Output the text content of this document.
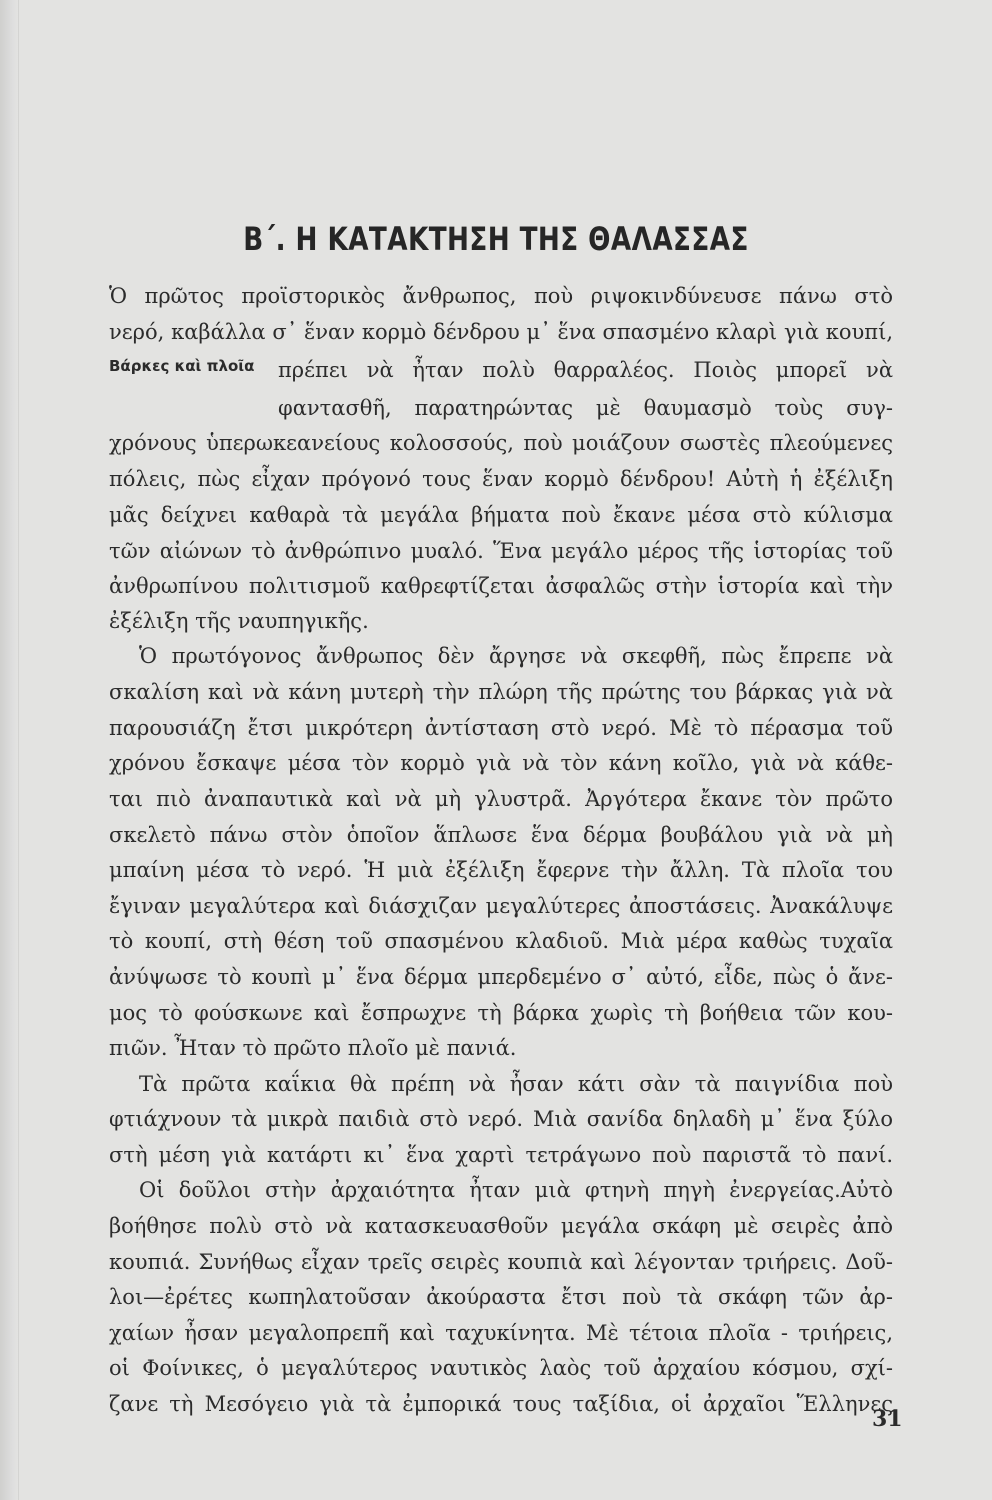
Β΄. Η ΚΑΤΑΚΤΗΣΗ ΤΗΣ ΘΑΛΑΣΣΑΣ
Βάρκες καὶ πλοῖα
Ὁ πρῶτος προϊστορικὸς ἄνθρωπος, ποὺ ριψοκινδύνευσε πάνω στὸ
νερό, καβάλλα σ᾽ ἕναν κορμὸ δένδρου μ᾽ ἕνα σπασμένο κλαρὶ γιὰ κουπί,
πρέπει νὰ ἦταν πολὺ θαρραλέος. Ποιὸς μπορεῖ νὰ
φαντασθῆ, παρατηρώντας μὲ θαυμασμὸ τοὺς συγ-
χρόνους ὑπερωκεανείους κολοσσούς, ποὺ μοιάζουν σωστὲς πλεούμενες
πόλεις, πὼς εἶχαν πρόγονό τους ἕναν κορμὸ δένδρου! Αὐτὴ ἡ ἐξέλιξη
μᾶς δείχνει καθαρὰ τὰ μεγάλα βήματα ποὺ ἔκανε μέσα στὸ κύλισμα
τῶν αἰώνων τὸ ἀνθρώπινο μυαλό. Ἕνα μεγάλο μέρος τῆς ἱστορίας τοῦ
ἀνθρωπίνου πολιτισμοῦ καθρεφτίζεται ἀσφαλῶς στὴν ἱστορία καὶ τὴν
ἐξέλιξη τῆς ναυπηγικῆς.
Ὁ πρωτόγονος ἄνθρωπος δὲν ἄργησε νὰ σκεφθῆ, πὼς ἔπρεπε νὰ
σκαλίση καὶ νὰ κάνη μυτερὴ τὴν πλώρη τῆς πρώτης του βάρκας γιὰ νὰ
παρουσιάζη ἔτσι μικρότερη ἀντίσταση στὸ νερό. Μὲ τὸ πέρασμα τοῦ
χρόνου ἔσκαψε μέσα τὸν κορμὸ γιὰ νὰ τὸν κάνη κοῖλο, γιὰ νὰ κάθε-
ται πιὸ ἀναπαυτικὰ καὶ νὰ μὴ γλυστρᾶ. Ἀργότερα ἔκανε τὸν πρῶτο
σκελετὸ πάνω στὸν ὁποῖον ἅπλωσε ἕνα δέρμα βουβάλου γιὰ νὰ μὴ
μπαίνη μέσα τὸ νερό. Ἡ μιὰ ἐξέλιξη ἔφερνε τὴν ἄλλη. Τὰ πλοῖα του
ἔγιναν μεγαλύτερα καὶ διάσχιζαν μεγαλύτερες ἀποστάσεις. Ἀνακάλυψε
τὸ κουπί, στὴ θέση τοῦ σπασμένου κλαδιοῦ. Μιὰ μέρα καθὼς τυχαῖα
ἀνύψωσε τὸ κουπὶ μ᾽ ἕνα δέρμα μπερδεμένο σ᾽ αὐτό, εἶδε, πὼς ὁ ἄνε-
μος τὸ φούσκωνε καὶ ἔσπρωχνε τὴ βάρκα χωρὶς τὴ βοήθεια τῶν κου-
πιῶν. Ἦταν τὸ πρῶτο πλοῖο μὲ πανιά.
Τὰ πρῶτα καΐκια θὰ πρέπη νὰ ἦσαν κάτι σὰν τὰ παιγνίδια ποὺ
φτιάχνουν τὰ μικρὰ παιδιὰ στὸ νερό. Μιὰ σανίδα δηλαδὴ μ᾽ ἕνα ξύλο
στὴ μέση γιὰ κατάρτι κι᾽ ἕνα χαρτὶ τετράγωνο ποὺ παριστᾶ τὸ πανί.
Οἱ δοῦλοι στὴν ἀρχαιότητα ἦταν μιὰ φτηνὴ πηγὴ ἐνεργείας.Αὐτὸ
βοήθησε πολὺ στὸ νὰ κατασκευασθοῦν μεγάλα σκάφη μὲ σειρὲς ἀπὸ
κουπιά. Συνήθως εἶχαν τρεῖς σειρὲς κουπιὰ καὶ λέγονταν τριήρεις. Δοῦ-
λοι—ἐρέτες κωπηλατοῦσαν ἀκούραστα ἔτσι ποὺ τὰ σκάφη τῶν ἀρ-
χαίων ἦσαν μεγαλοπρεπῆ καὶ ταχυκίνητα. Μὲ τέτοια πλοῖα - τριήρεις,
οἱ Φοίνικες, ὁ μεγαλύτερος ναυτικὸς λαὸς τοῦ ἀρχαίου κόσμου, σχί-
ζανε τὴ Μεσόγειο γιὰ τὰ ἐμπορικά τους ταξίδια, οἱ ἀρχαῖοι Ἕλληνες
31
